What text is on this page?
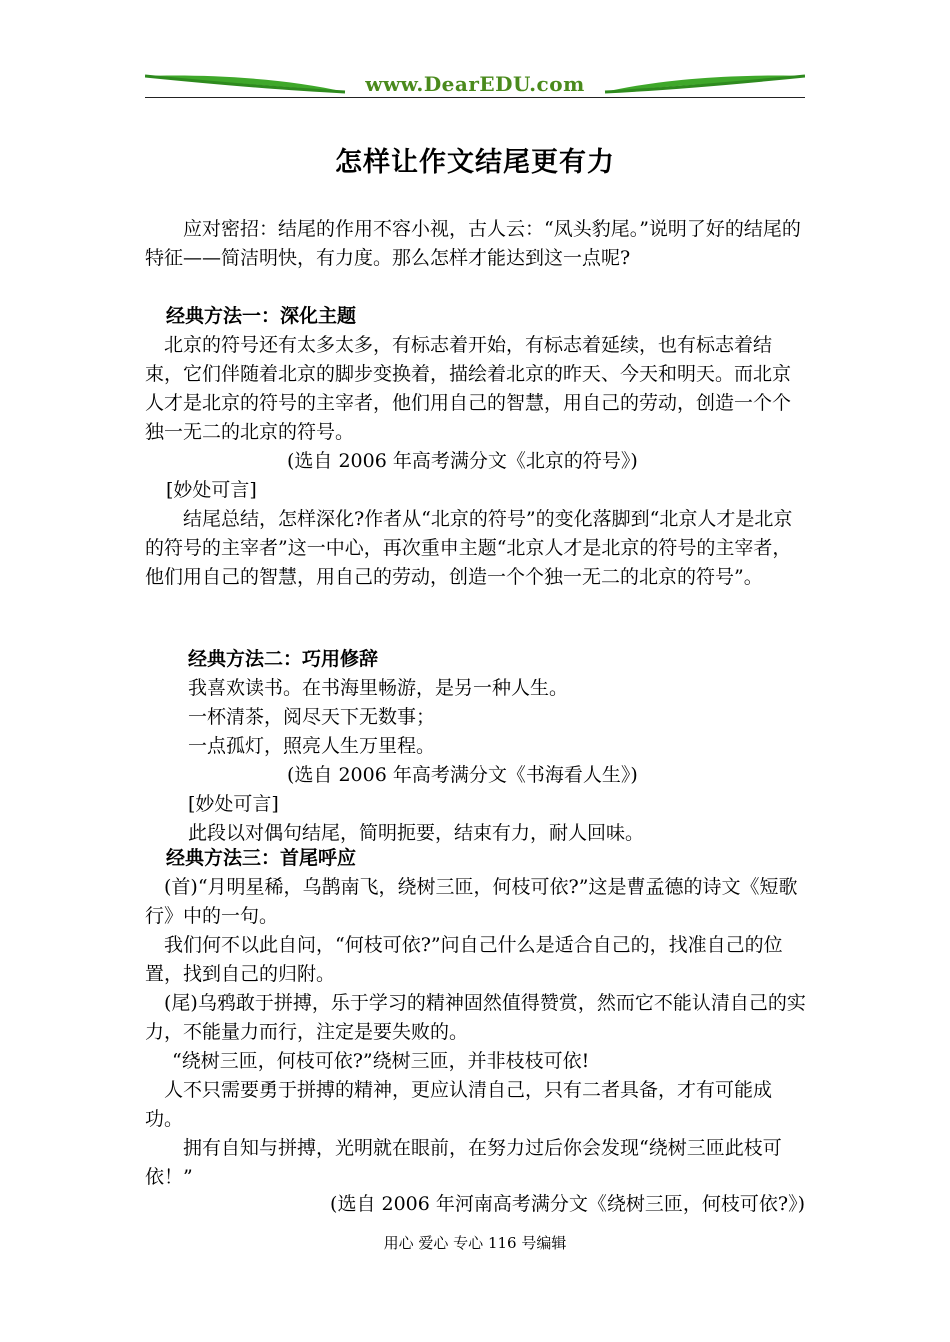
www.DearEDU.com
怎样让作文结尾更有力

应对密招：结尾的作用不容小视，古人云：“凤头豹尾。”说明了好的结尾的特征——简洁明快，有力度。那么怎样才能达到这一点呢?

经典方法一：深化主题

北京的符号还有太多太多，有标志着开始，有标志着延续，也有标志着结束，它们伴随着北京的脚步变换着，描绘着北京的昨天、今天和明天。而北京人才是北京的符号的主宰者，他们用自己的智慧，用自己的劳动，创造一个个独一无二的北京的符号。

(选自 2006 年高考满分文《北京的符号》)
[妙处可言]

结尾总结，怎样深化?作者从“北京的符号”的变化落脚到“北京人才是北京的符号的主宰者”这一中心，再次重申主题“北京人才是北京的符号的主宰者，他们用自己的智慧，用自己的劳动，创造一个个独一无二的北京的符号”。

经典方法二：巧用修辞
我喜欢读书。在书海里畅游，是另一种人生。
一杯清茶，阅尽天下无数事；
一点孤灯，照亮人生万里程。
(选自 2006 年高考满分文《书海看人生》)
[妙处可言]
此段以对偶句结尾，简明扼要，结束有力，耐人回味。
经典方法三：首尾呼应

(首)“月明星稀，乌鹊南飞，绕树三匝，何枝可依?”这是曹孟德的诗文《短歌行》中的一句。

我们何不以此自问，“何枝可依?”问自己什么是适合自己的，找准自己的位置，找到自己的归附。

(尾)乌鸦敢于拼搏，乐于学习的精神固然值得赞赏，然而它不能认清自己的实力，不能量力而行，注定是要失败的。

“绕树三匝，何枝可依?”绕树三匝，并非枝枝可依!

人不只需要勇于拼搏的精神，更应认清自己，只有二者具备，才有可能成功。

拥有自知与拼搏，光明就在眼前，在努力过后你会发现“绕树三匝此枝可依！”

(选自 2006 年河南高考满分文《绕树三匝，何枝可依?》)
用心 爱心 专心 116 号编辑
